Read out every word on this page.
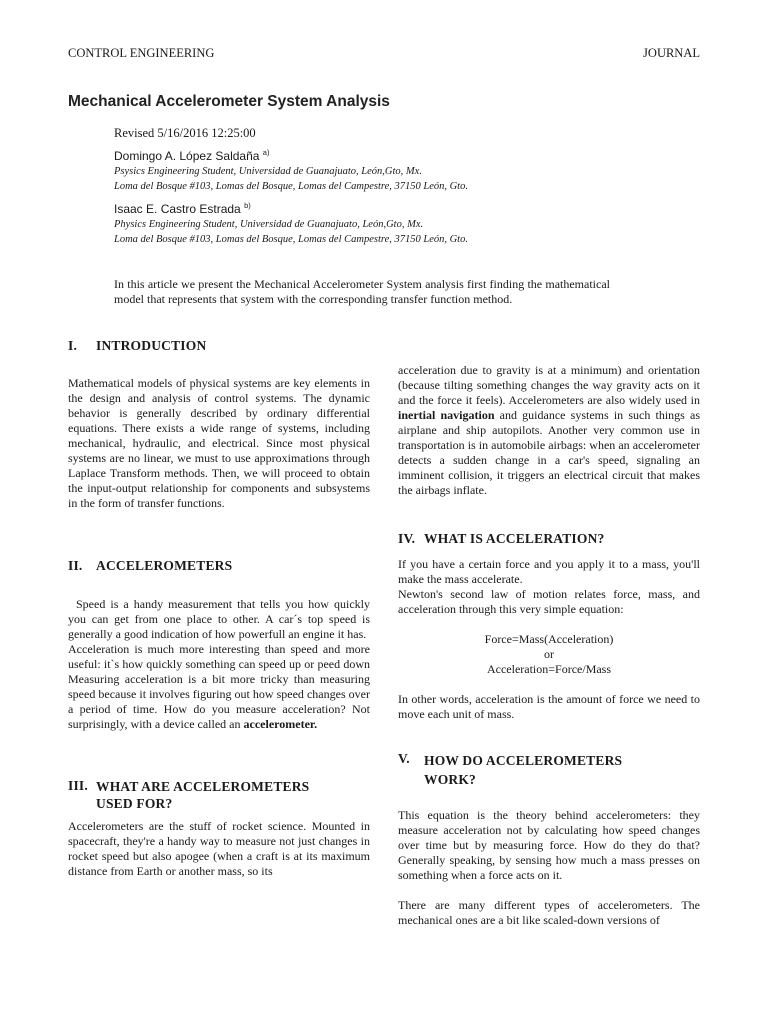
CONTROL ENGINEERING	JOURNAL
Mechanical Accelerometer System Analysis
Revised 5/16/2016 12:25:00
Domingo A. López Saldaña $^{a)}$
Psysics Engineering Student, Universidad de Guanajuato, León,Gto, Mx.
Loma del Bosque #103, Lomas del Bosque, Lomas del Campestre, 37150 León, Gto.
Isaac E. Castro Estrada $^{b)}$
Physics Engineering Student, Universidad de Guanajuato, León,Gto, Mx.
Loma del Bosque #103, Lomas del Bosque, Lomas del Campestre, 37150 León, Gto.
In this article we present the Mechanical Accelerometer System analysis first finding the mathematical model that represents that system with the corresponding transfer function method.
I.	INTRODUCTION

Mathematical models of physical systems are key elements in the design and analysis of control systems. The dynamic behavior is generally described by ordinary differential equations. There exists a wide range of systems, including mechanical, hydraulic, and electrical. Since most physical systems are no linear, we must to use approximations through Laplace Transform methods. Then, we will proceed to obtain the input-output relationship for components and subsystems in the form of transfer functions.

II.	ACCELEROMETERS

Speed is a handy measurement that tells you how quickly you can get from one place to other. A car´s top speed is generally a good indication of how powerfull an engine it has.

Acceleration is much more interesting than speed and more useful: it`s how quickly something can speed up or peed down Measuring acceleration is a bit more tricky than measuring speed because it involves figuring out how speed changes over a period of time. How do you measure acceleration? Not surprisingly, with a device called an accelerometer.

III. WHAT ARE ACCELEROMETERS USED FOR?

Accelerometers are the stuff of rocket science. Mounted in spacecraft, they're a handy way to measure not just changes in rocket speed but also apogee (when a craft is at its maximum distance from Earth or another mass, so its

acceleration due to gravity is at a minimum) and orientation (because tilting something changes the way gravity acts on it and the force it feels). Accelerometers are also widely used in inertial navigation and guidance systems in such things as airplane and ship autopilots. Another very common use in transportation is in automobile airbags: when an accelerometer detects a sudden change in a car's speed, signaling an imminent collision, it triggers an electrical circuit that makes the airbags inflate.

IV. WHAT IS ACCELERATION?

If you have a certain force and you apply it to a mass, you'll make the mass accelerate.

Newton's second law of motion relates force, mass, and acceleration through this very simple equation:

Force=Mass(Acceleration)

or

Acceleration=Force/Mass

In other words, acceleration is the amount of force we need to move each unit of mass.

V.	HOW DO ACCELEROMETERS WORK?

This equation is the theory behind accelerometers: they measure acceleration not by calculating how speed changes over time but by measuring force. How do they do that? Generally speaking, by sensing how much a mass presses on something when a force acts on it.

There are many different types of accelerometers. The mechanical ones are a bit like scaled-down versions of
